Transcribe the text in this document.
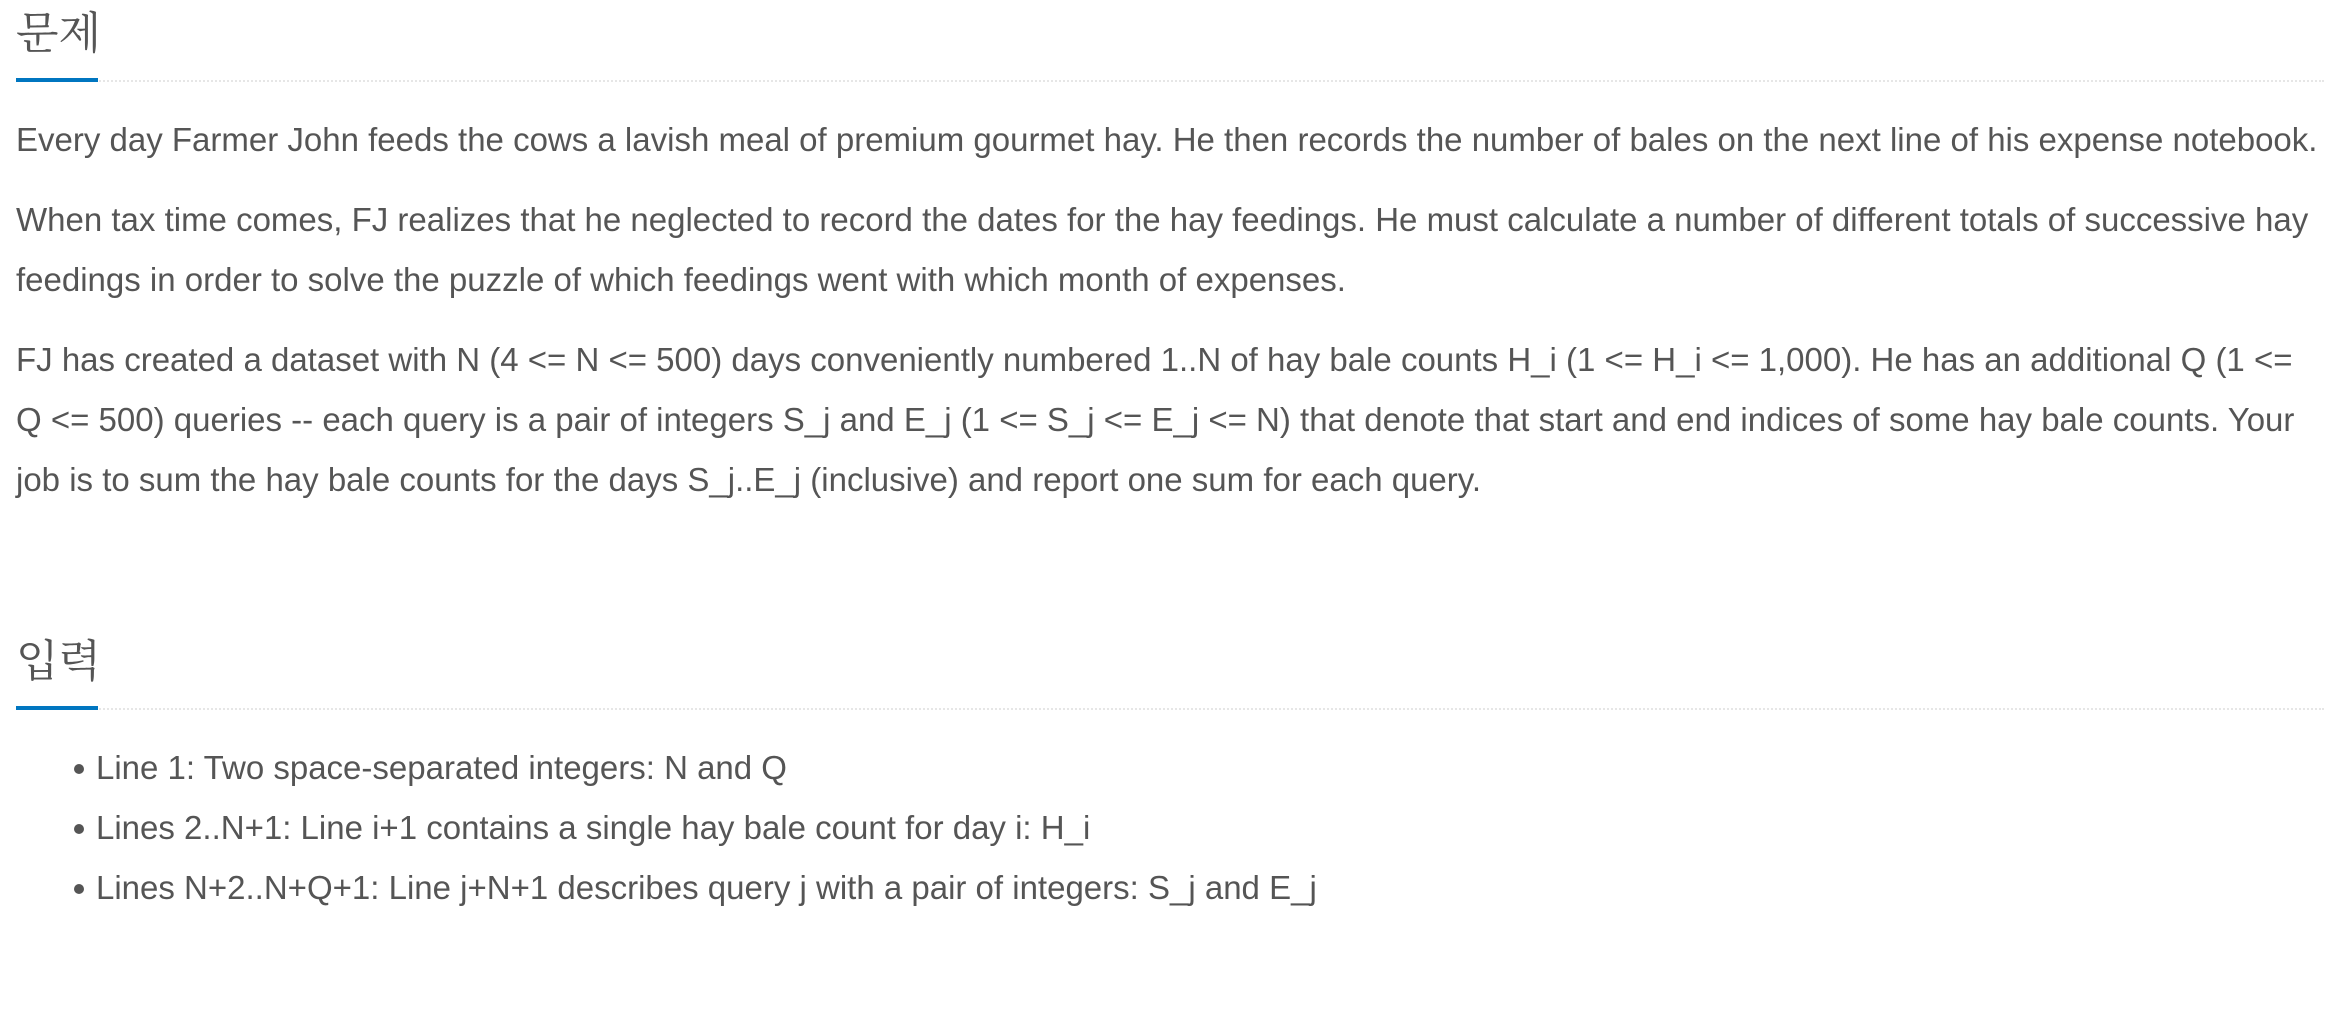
문제

Every day Farmer John feeds the cows a lavish meal of premium gourmet hay. He then records the number of bales on the next line of his expense notebook.

When tax time comes, FJ realizes that he neglected to record the dates for the hay feedings. He must calculate a number of different totals of successive hay feedings in order to solve the puzzle of which feedings went with which month of expenses.

FJ has created a dataset with N (4 <= N <= 500) days conveniently numbered 1..N of hay bale counts H_i (1 <= H_i <= 1,000). He has an additional Q (1 <= Q <= 500) queries -- each query is a pair of integers S_j and E_j (1 <= S_j <= E_j <= N) that denote that start and end indices of some hay bale counts. Your job is to sum the hay bale counts for the days S_j..E_j (inclusive) and report one sum for each query.

입력
Line 1: Two space-separated integers: N and Q
Lines 2..N+1: Line i+1 contains a single hay bale count for day i: H_i
Lines N+2..N+Q+1: Line j+N+1 describes query j with a pair of integers: S_j and E_j
